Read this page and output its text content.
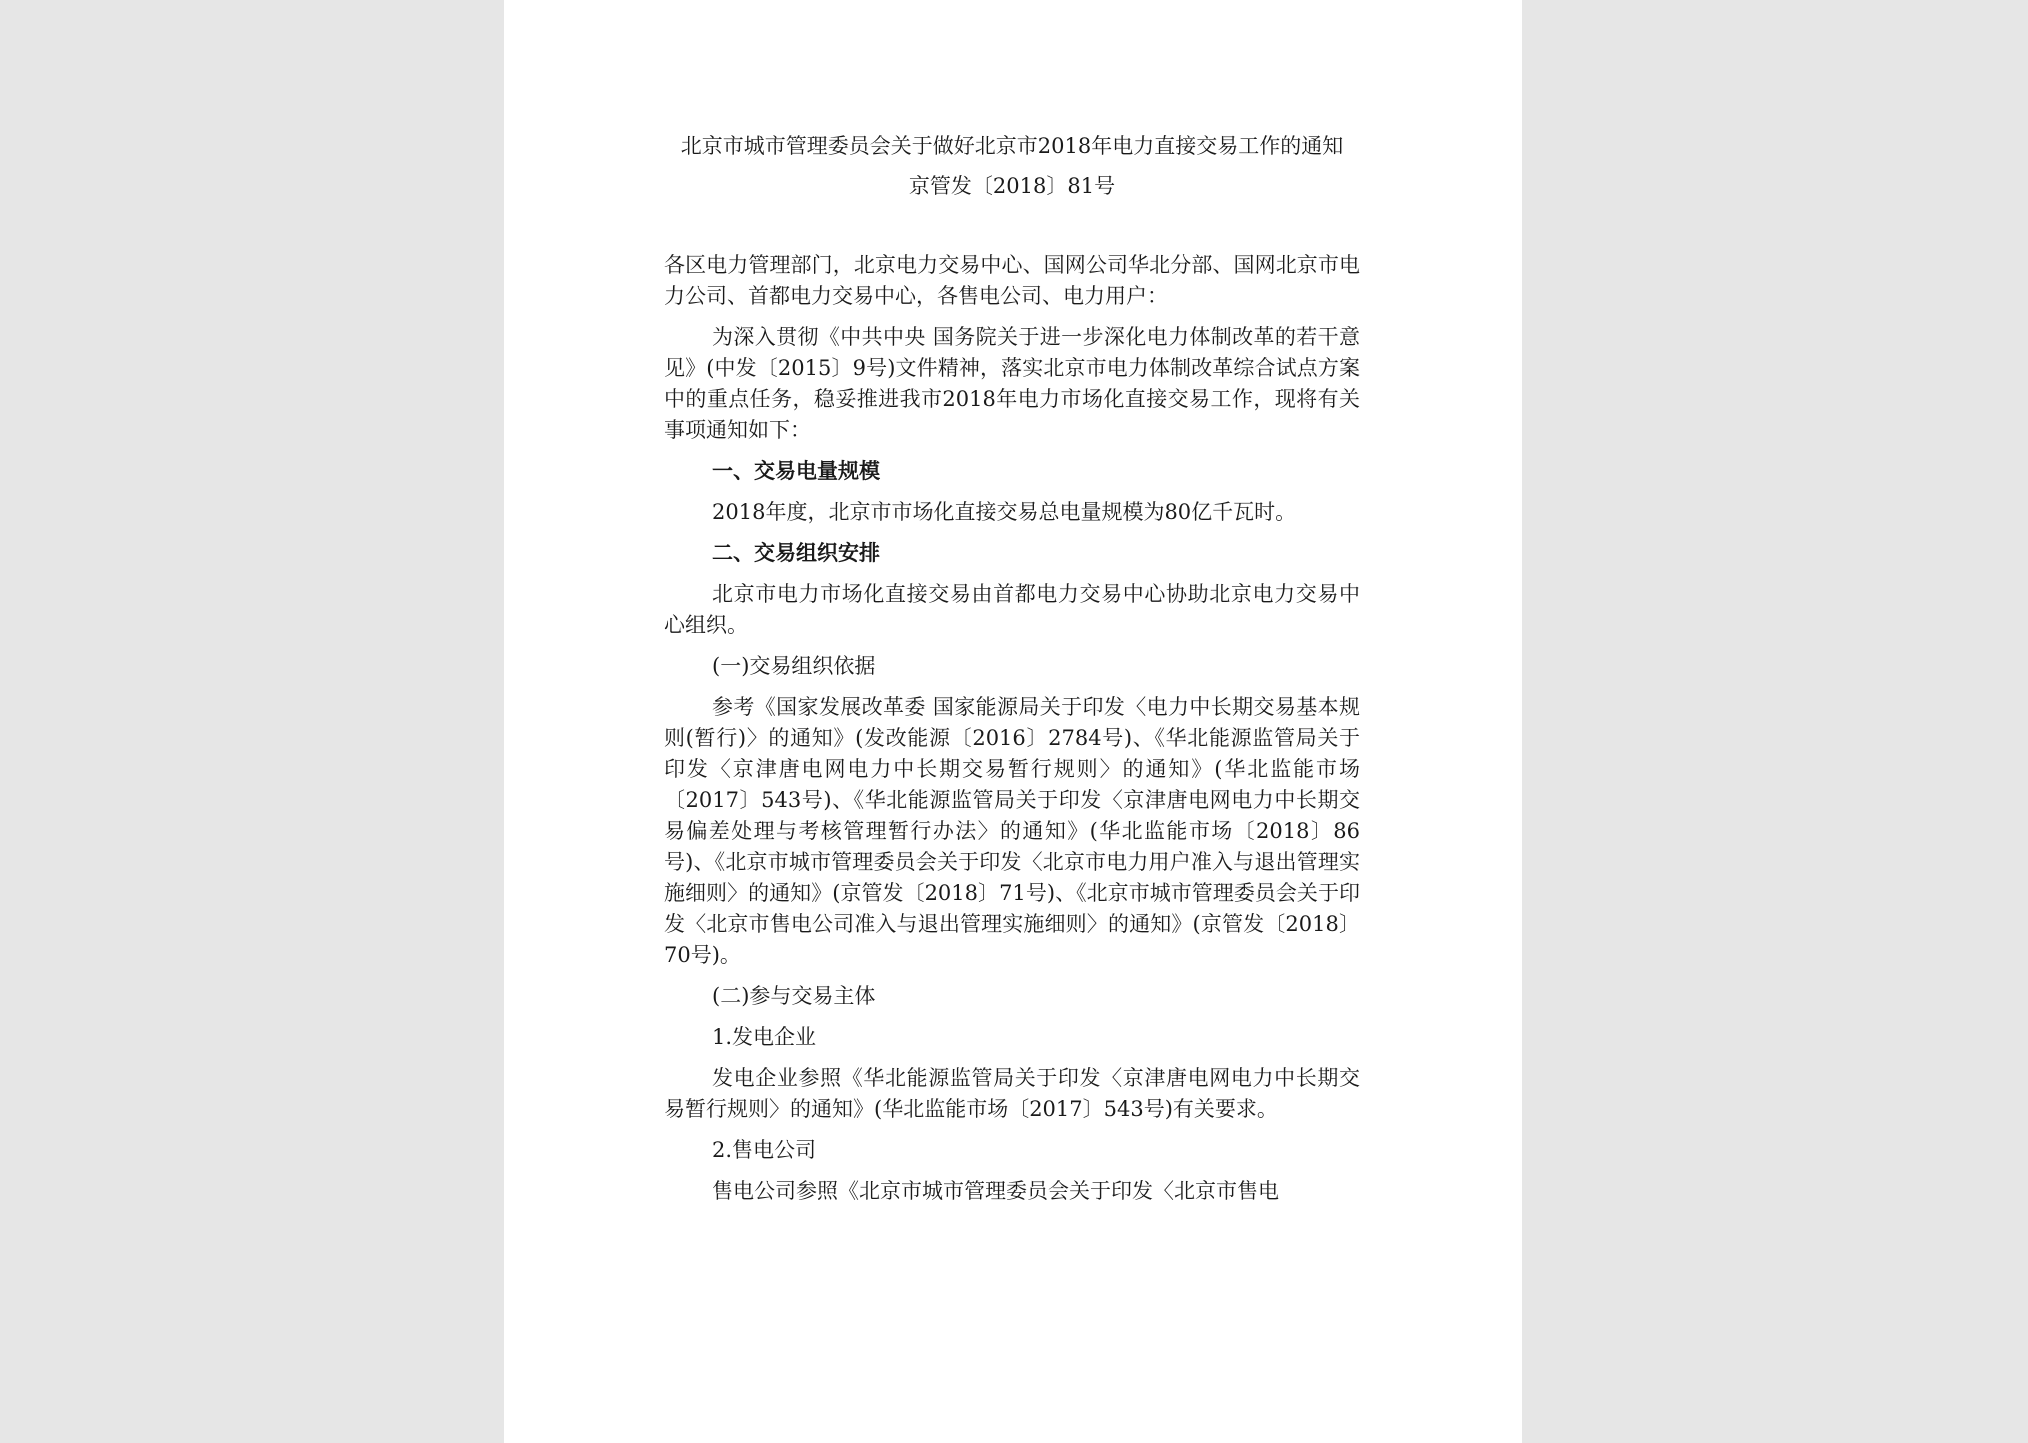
北京市城市管理委员会关于做好北京市2018年电力直接交易工作的通知
京管发〔2018〕81号

各区电力管理部门，北京电力交易中心、国网公司华北分部、国网北京市电力公司、首都电力交易中心，各售电公司、电力用户：

为深入贯彻《中共中央 国务院关于进一步深化电力体制改革的若干意见》(中发〔2015〕9号)文件精神，落实北京市电力体制改革综合试点方案中的重点任务，稳妥推进我市2018年电力市场化直接交易工作，现将有关事项通知如下：

一、交易电量规模

2018年度，北京市市场化直接交易总电量规模为80亿千瓦时。

二、交易组织安排

北京市电力市场化直接交易由首都电力交易中心协助北京电力交易中心组织。

(一)交易组织依据

参考《国家发展改革委 国家能源局关于印发〈电力中长期交易基本规则(暂行)〉的通知》(发改能源〔2016〕2784号)、《华北能源监管局关于印发〈京津唐电网电力中长期交易暂行规则〉的通知》(华北监能市场〔2017〕543号)、《华北能源监管局关于印发〈京津唐电网电力中长期交易偏差处理与考核管理暂行办法〉的通知》(华北监能市场〔2018〕86号)、《北京市城市管理委员会关于印发〈北京市电力用户准入与退出管理实施细则〉的通知》(京管发〔2018〕71号)、《北京市城市管理委员会关于印发〈北京市售电公司准入与退出管理实施细则〉的通知》(京管发〔2018〕70号)。

(二)参与交易主体

1.发电企业

发电企业参照《华北能源监管局关于印发〈京津唐电网电力中长期交易暂行规则〉的通知》(华北监能市场〔2017〕543号)有关要求。

2.售电公司

售电公司参照《北京市城市管理委员会关于印发〈北京市售电
